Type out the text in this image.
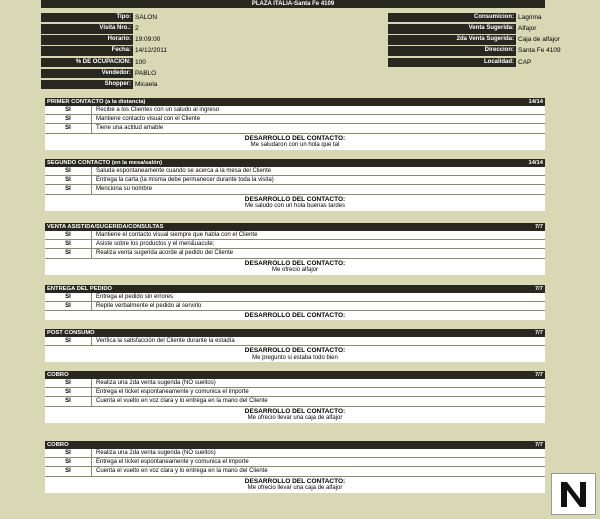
PLAZA ITALIA-Santa Fe 4109
Tipo: SALON
Visita Nro.: 2
Horario: 19:09:00
Fecha: 14/12/2011
% DE OCUPACION: 100
Vendedor: PABLO
Shopper: Micaela
Consumicion: Lagrima
Venta Sugerida: Alfajor
2da Venta Sugerida: Caja de alfajor
Direccion: Santa Fe 4109
Localidad: CAP
PRIMER CONTACTO (a la distancia)	14/14
SI	Recibe a los Clientes con un saludo al ingreso
SI	Mantiene contacto visual con el Cliente
SI	Tiene una actitud amable
DESARROLLO DEL CONTACTO:
Me saludaron con un hola que tal
SEGUNDO CONTACTO (en la mesa/salón)	14/14
SI	Saluda espontaneamente cuando se acerca a la mesa del Cliente
SI	Entrega la carta (la misma debe permanecer durante toda la visita)
SI	Menciona su nombre
DESARROLLO DEL CONTACTO:
Me saludo con un hola buenas tardes
VENTA ASISTIDA/SUGERIDA/CONSULTAS	7/7
SI	Mantiene el contacto visual siempre que habla con el Cliente
SI	Asiste sobre los productos y el men&uacute;
SI	Realiza venta sugerida acorde al pedido del Cliente
DESARROLLO DEL CONTACTO:
Me ofrecio alfajor
ENTREGA DEL PEDIDO	7/7
SI	Entrega el pedido sin errores
SI	Repite verbalmente el pedido al servirlo
DESARROLLO DEL CONTACTO:
POST CONSUMO	7/7
SI	Verifica la satisfacción del Cliente durante la estadía
DESARROLLO DEL CONTACTO:
Me pregunto si estaba todo bien
COBRO	7/7
SI	Realiza una 2da venta sugerida (NO sueltos)
SI	Entrega el ticket espontaneamente y comunica el importe
SI	Cuenta el vuelto en voz clara y lo entrega en la mano del Cliente
DESARROLLO DEL CONTACTO:
Me ofrecio llevar una caja de alfajor
COBRO	7/7
SI	Realiza una 2da venta sugerida (NO sueltos)
SI	Entrega el ticket espontaneamente y comunica el importe
SI	Cuenta el vuelto en voz clara y lo entrega en la mano del Cliente
DESARROLLO DEL CONTACTO:
Me ofrecio llevar una caja de alfajor
